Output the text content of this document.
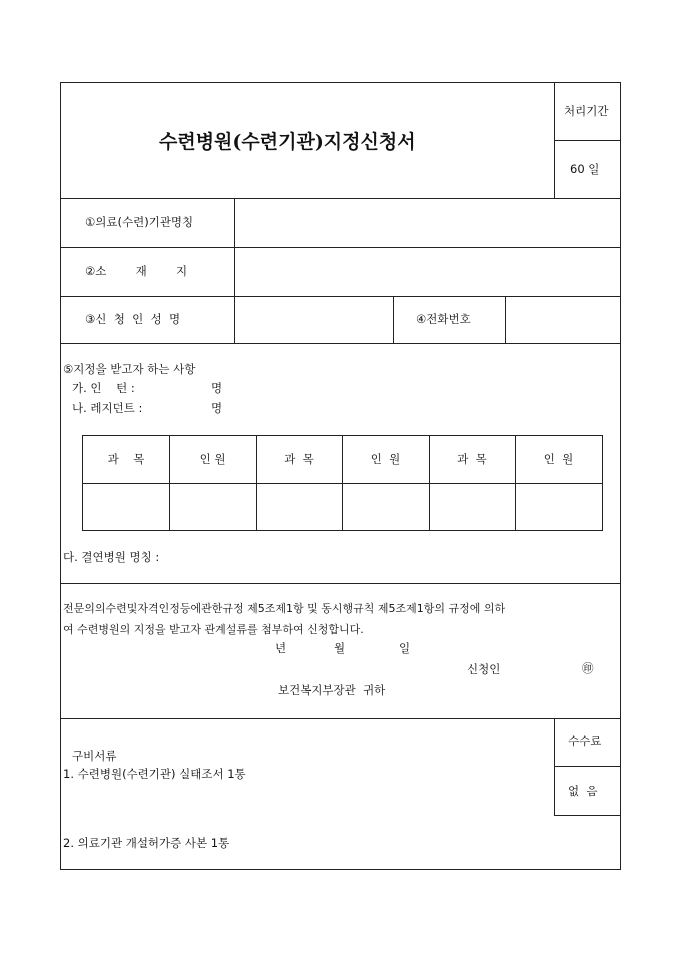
수련병원(수련기관)지정신청서
처리기간
60 일
①의료(수련)기관명칭
②소        재        지
③신  청  인  성  명	④전화번호
⑤지정을 받고자 하는 사항
가. 인    턴 :	명
나. 레지던트 :	명
과    목	인 원	과  목	인  원	과  목	인  원
다. 결연병원 명칭 :
전문의의수련및자격인정등에관한규정 제5조제1항 및 동시행규칙 제5조제1항의 규정에 의하
여 수련병원의 지정을 받고자 관계설류를 첨부하여 신청합니다.
년	월	일
신청인	㊞
보건복지부장관  귀하
구비서류
1. 수련병원(수련기관) 실태조서 1통
2. 의료기관 개설허가증 사본 1통
수수료
없  음
